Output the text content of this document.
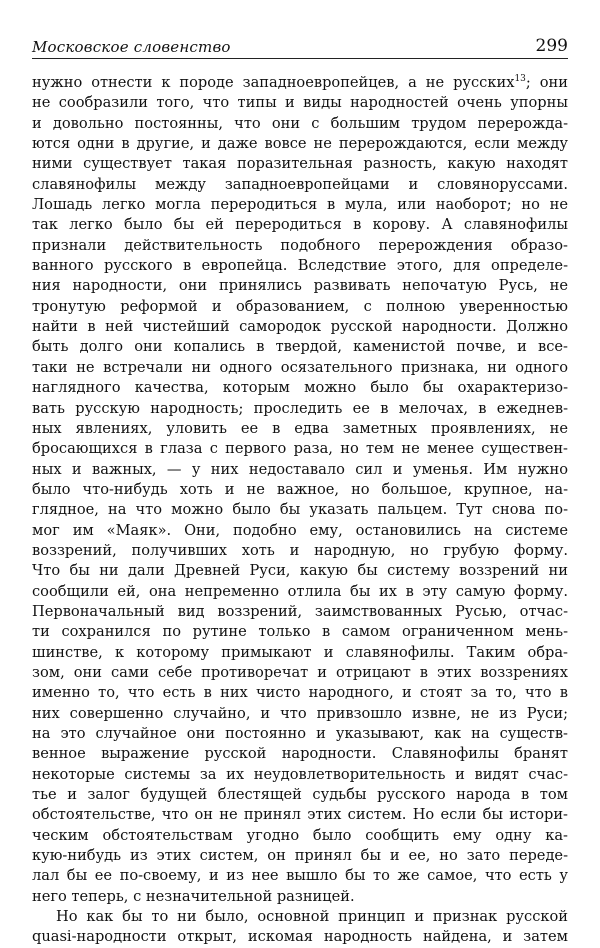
Московское словенство	299
нужно отнести к породе западноевропейцев, а не русских$^{13}$; они
не сообразили того, что типы и виды народностей очень упорны
и довольно постоянны, что они с большим трудом перерожда-
ются одни в другие, и даже вовсе не перерождаются, если между
ними существует такая поразительная разность, какую находят
славянофилы между западноевропейцами и словяноруссами.
Лошадь легко могла переродиться в мула, или наоборот; но не
так легко было бы ей переродиться в корову. А славянофилы
признали действительность подобного перерождения образо-
ванного русского в европейца. Вследствие этого, для определе-
ния народности, они принялись развивать непочатую Русь, не
тронутую реформой и образованием, с полною уверенностью
найти в ней чистейший самородок русской народности. Должно
быть долго они копались в твердой, каменистой почве, и все-
таки не встречали ни одного осязательного признака, ни одного
наглядного качества, которым можно было бы охарактеризо-
вать русскую народность; проследить ее в мелочах, в ежеднев-
ных явлениях, уловить ее в едва заметных проявлениях, не
бросающихся в глаза с первого раза, но тем не менее существен-
ных и важных, — у них недоставало сил и уменья. Им нужно
было что-нибудь хоть и не важное, но большое, крупное, на-
глядное, на что можно было бы указать пальцем. Тут снова по-
мог им «Маяк». Они, подобно ему, остановились на системе
воззрений, получивших хоть и народную, но грубую форму.
Что бы ни дали Древней Руси, какую бы систему воззрений ни
сообщили ей, она непременно отлила бы их в эту самую форму.
Первоначальный вид воззрений, заимствованных Русью, отчас-
ти сохранился по рутине только в самом ограниченном мень-
шинстве, к которому примыкают и славянофилы. Таким обра-
зом, они сами себе противоречат и отрицают в этих воззрениях
именно то, что есть в них чисто народного, и стоят за то, что в
них совершенно случайно, и что привзошло извне, не из Руси;
на это случайное они постоянно и указывают, как на существ-
венное выражение русской народности. Славянофилы бранят
некоторые системы за их неудовлетворительность и видят счас-
тье и залог будущей блестящей судьбы русского народа в том
обстоятельстве, что он не принял этих систем. Но если бы истори-
ческим обстоятельствам угодно было сообщить ему одну ка-
кую-нибудь из этих систем, он принял бы и ее, но зато переде-
лал бы ее по-своему, и из нее вышло бы то же самое, что есть у
него теперь, с незначительной разницей.
Но как бы то ни было, основной принцип и признак русской
quasi-народности открыт, искомая народность найдена, и затем
